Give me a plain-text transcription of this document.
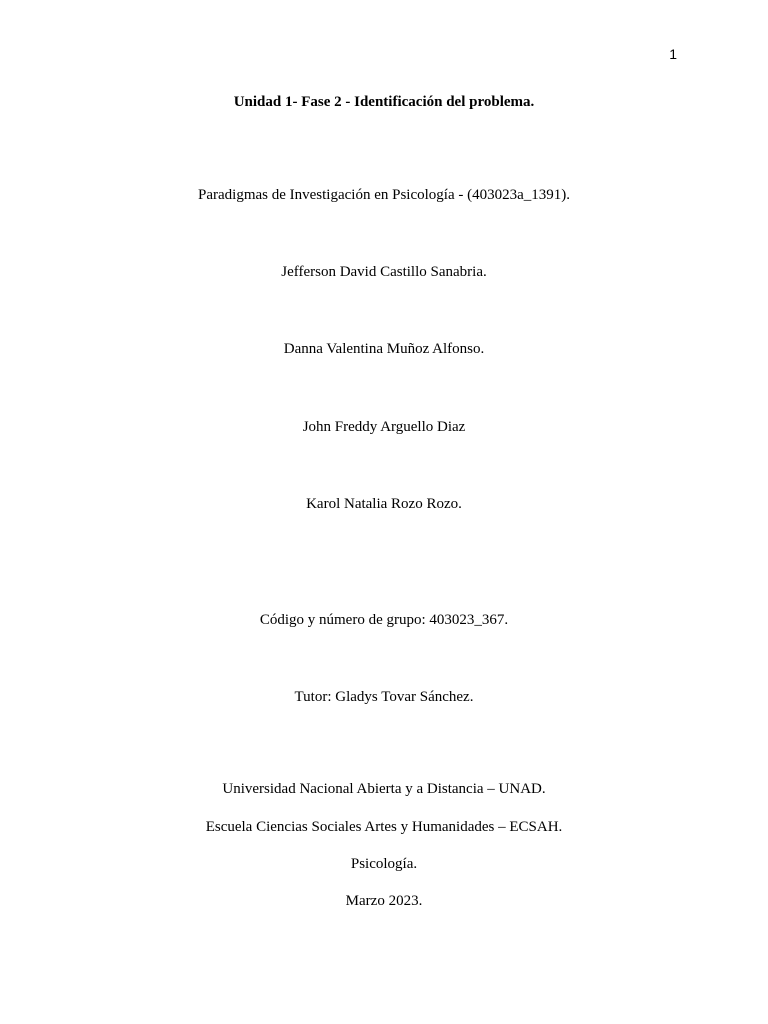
1
Unidad 1- Fase 2 - Identificación del problema.
Paradigmas de Investigación en Psicología - (403023a_1391).
Jefferson David Castillo Sanabria.
Danna Valentina Muñoz Alfonso.
John Freddy Arguello Diaz
Karol Natalia Rozo Rozo.
Código y número de grupo: 403023_367.
Tutor: Gladys Tovar Sánchez.
Universidad Nacional Abierta y a Distancia – UNAD.
Escuela Ciencias Sociales Artes y Humanidades – ECSAH.
Psicología.
Marzo 2023.
